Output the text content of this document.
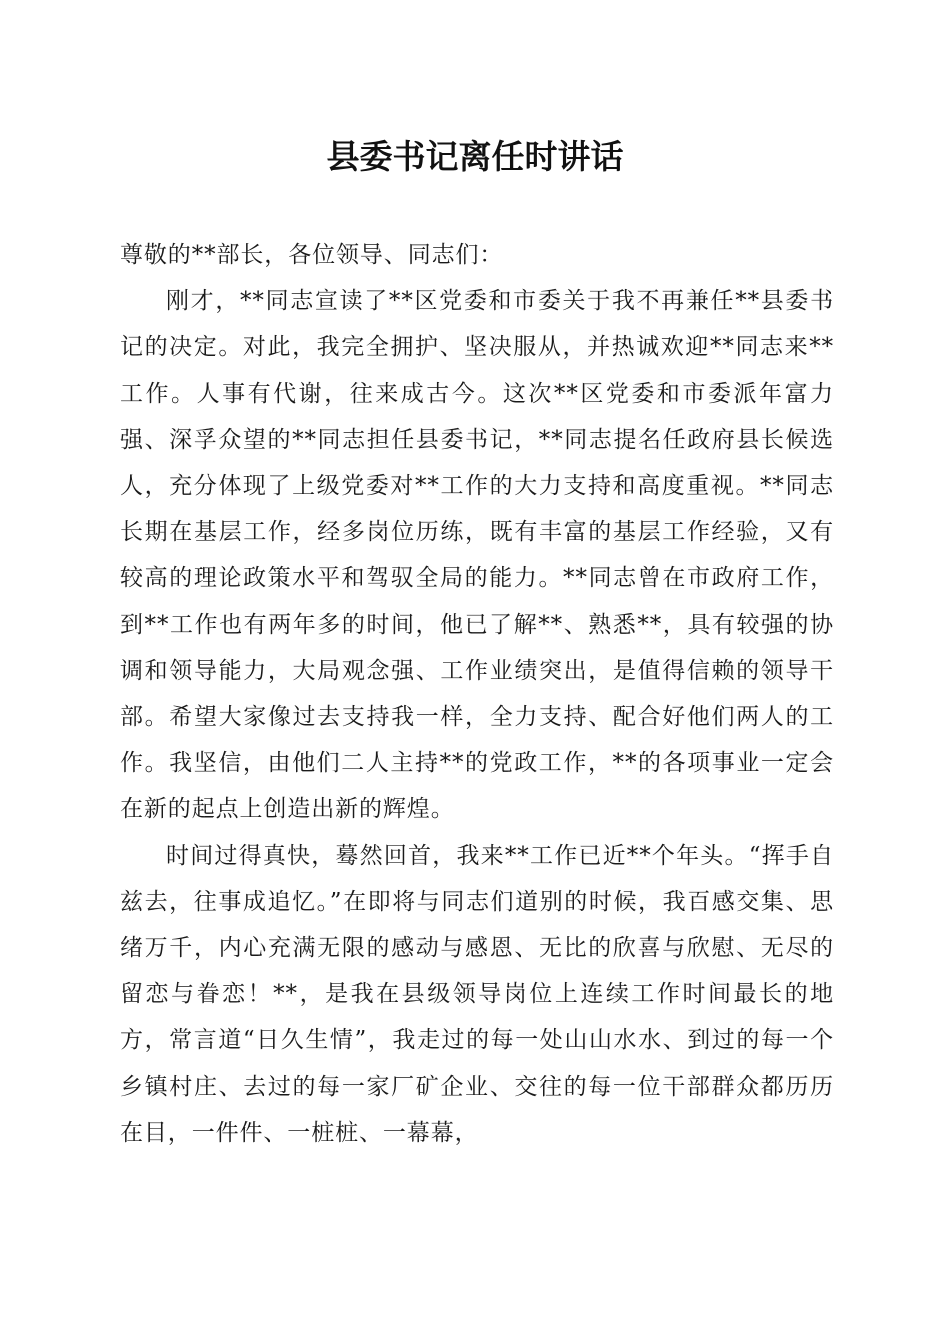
县委书记离任时讲话

尊敬的**部长，各位领导、同志们：

刚才，**同志宣读了**区党委和市委关于我不再兼任**县委书记的决定。对此，我完全拥护、坚决服从，并热诚欢迎**同志来**工作。人事有代谢，往来成古今。这次**区党委和市委派年富力强、深孚众望的**同志担任县委书记，**同志提名任政府县长候选人，充分体现了上级党委对**工作的大力支持和高度重视。**同志长期在基层工作，经多岗位历练，既有丰富的基层工作经验，又有较高的理论政策水平和驾驭全局的能力。**同志曾在市政府工作，到**工作也有两年多的时间，他已了解**、熟悉**，具有较强的协调和领导能力，大局观念强、工作业绩突出，是值得信赖的领导干部。希望大家像过去支持我一样，全力支持、配合好他们两人的工作。我坚信，由他们二人主持**的党政工作，**的各项事业一定会在新的起点上创造出新的辉煌。

时间过得真快，蓦然回首，我来**工作已近**个年头。“挥手自兹去，往事成追忆。”在即将与同志们道别的时候，我百感交集、思绪万千，内心充满无限的感动与感恩、无比的欣喜与欣慰、无尽的留恋与眷恋！**，是我在县级领导岗位上连续工作时间最长的地方，常言道“日久生情”，我走过的每一处山山水水、到过的每一个乡镇村庄、去过的每一家厂矿企业、交往的每一位干部群众都历历在目，一件件、一桩桩、一幕幕，
